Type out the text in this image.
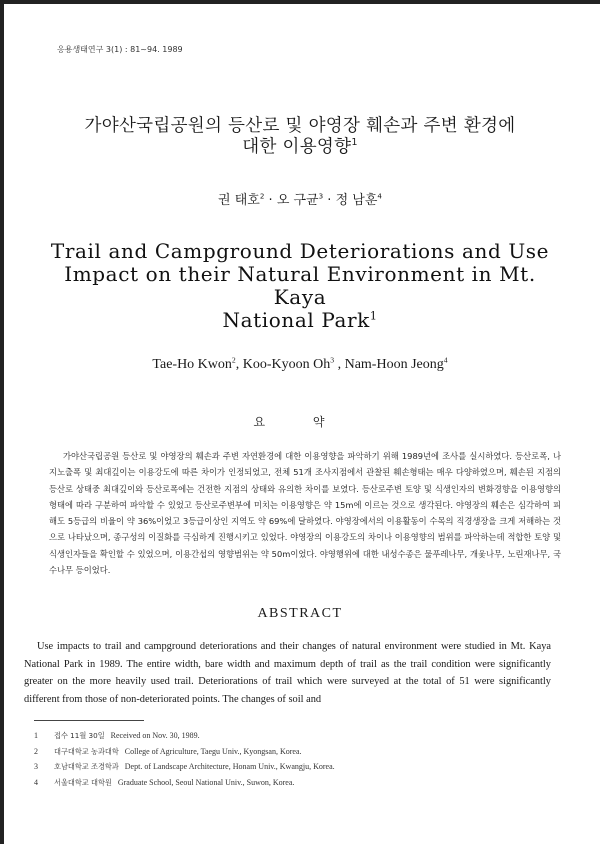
응용생태연구 3(1) : 81~94. 1989
가야산국립공원의 등산로 및 야영장 훼손과 주변 환경에
대한 이용영향$^1$
권 태호$^2$ · 오 구균$^3$ · 정 남훈$^4$
Trail and Campground Deteriorations and Use
Impact on their Natural Environment in Mt. Kaya
National Park$^1$
Tae-Ho Kwon$^2$, Koo-Kyoon Oh$^3$ , Nam-Hoon Jeong$^4$
요 약

가야산국립공원 등산로 및 야영장의 훼손과 주변 자연환경에 대한 이용영향을 파악하기 위해 1989년에 조사를 실시하였다. 등산로폭, 나지노출폭 및 최대깊이는 이용강도에 따른 차이가 인정되었고, 전체 51개 조사지점에서 관찰된 훼손형태는 매우 다양하였으며, 훼손된 지점의 등산로 상태중 최대깊이와 등산로폭에는 건전한 지점의 상태와 유의한 차이를 보였다. 등산로주변 토양 및 식생인자의 변화경향을 이용영향의 형태에 따라 구분하여 파악할 수 있었고 등산로주변부에 미치는 이용영향은 약 15m에 이르는 것으로 생각된다. 야영장의 훼손은 심각하여 피해도 5등급의 비율이 약 36%이었고 3등급이상인 지역도 약 69%에 달하였다. 야영장에서의 이용활동이 수목의 직경생장을 크게 저해하는 것으로 나타났으며, 종구성의 이질화를 극심하게 진행시키고 있었다. 야영장의 이용강도의 차이나 이용영향의 범위를 파악하는데 적합한 토양 및 식생인자들을 확인할 수 있었으며, 이용간섭의 영향범위는 약 50m이었다. 야영행위에 대한 내성수종은 물푸레나무, 개옻나무, 노린재나무, 국수나무 등이었다.

ABSTRACT

Use impacts to trail and campground deteriorations and their changes of natural environment were studied in Mt. Kaya National Park in 1989. The entire width, bare width and maximum depth of trail as the trail condition were significantly greater on the more heavily used trail. Deteriorations of trail which were surveyed at the total of 51 were significantly different from those of non-deteriorated points. The changes of soil and

1 접수 11월 30일 Received on Nov. 30, 1989.
2 대구대학교 농과대학 College of Agriculture, Taegu Univ., Kyongsan, Korea.
3 호남대학교 조경학과 Dept. of Landscape Architecture, Honam Univ., Kwangju, Korea.
4 서울대학교 대학원 Graduate School, Seoul National Univ., Suwon, Korea.
